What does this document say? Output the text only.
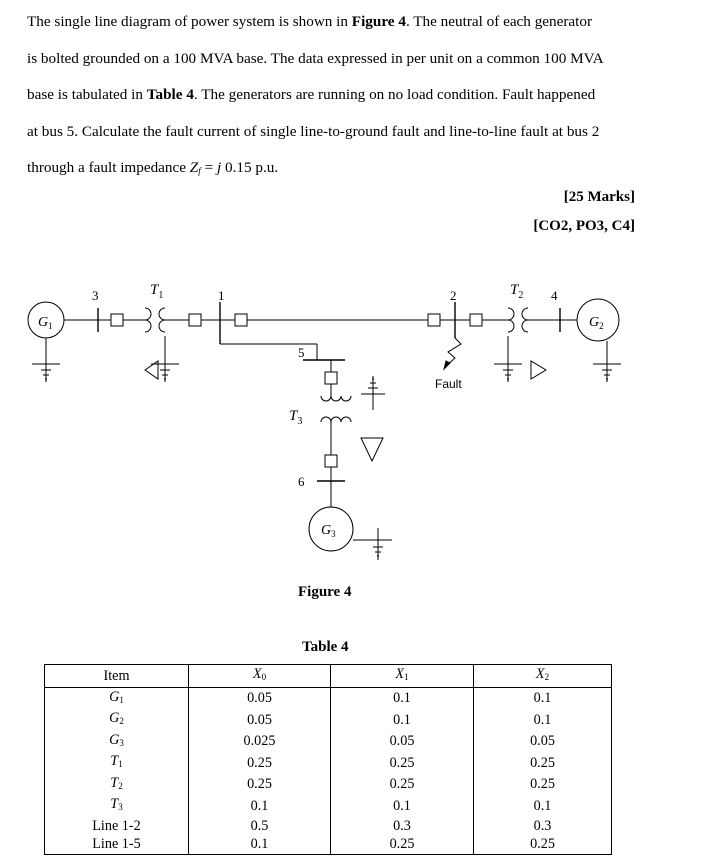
The single line diagram of power system is shown in Figure 4. The neutral of each generator

is bolted grounded on a 100 MVA base. The data expressed in per unit on a common 100 MVA

base is tabulated in Table 4. The generators are running on no load condition. Fault happened

at bus 5. Calculate the fault current of single line-to-ground fault and line-to-line fault at bus 2

through a fault impedance $Z_f = j$ 0.15 p.u.

[25 Marks]
[CO2, PO3, C4]
3	1
5
6
2	4
$T_1$	$T_2$
$T_3$
$G_1$	$G_2$
$G_3$
Fault
Figure 4
Table 4
Item	$X_0$	$X_1$	$X_2$
$G_1$	0.05	0.1	0.1
$G_2$	0.05	0.1	0.1
$G_3$	0.025	0.05	0.05
$T_1$	0.25	0.25	0.25
$T_2$	0.25	0.25	0.25
$T_3$	0.1	0.1	0.1
Line 1-2	0.5	0.3	0.3
Line 1-5	0.1	0.25	0.25
